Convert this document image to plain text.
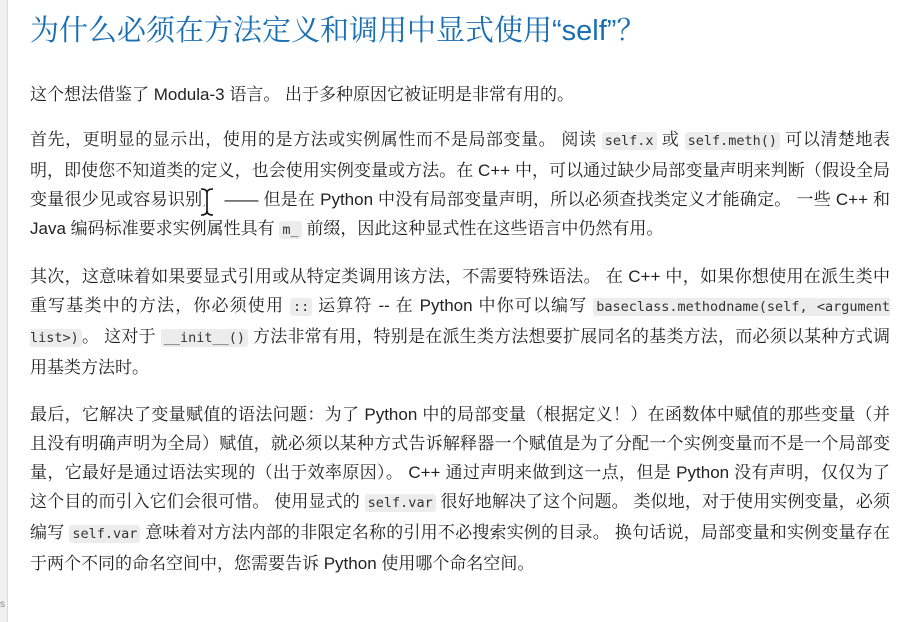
为什么必须在方法定义和调用中显式使用“self”？

这个想法借鉴了 Modula-3 语言。 出于多种原因它被证明是非常有用的。

首先，更明显的显示出，使用的是方法或实例属性而不是局部变量。 阅读 self.x 或 self.meth() 可以清楚地表明，即使您不知道类的定义，也会使用实例变量或方法。在 C++ 中，可以通过缺少局部变量声明来判断（假设全局变量很少见或容易识别） —— 但是在 Python 中没有局部变量声明，所以必须查找类定义才能确定。 一些 C++ 和 Java 编码标准要求实例属性具有 m_ 前缀，因此这种显式性在这些语言中仍然有用。

其次，这意味着如果要显式引用或从特定类调用该方法，不需要特殊语法。 在 C++ 中，如果你想使用在派生类中重写基类中的方法，你必须使用 :: 运算符 -- 在 Python 中你可以编写 baseclass.methodname(self, <argument list>) 。 这对于 __init__() 方法非常有用，特别是在派生类方法想要扩展同名的基类方法，而必须以某种方式调用基类方法时。

最后，它解决了变量赋值的语法问题：为了 Python 中的局部变量（根据定义！）在函数体中赋值的那些变量（并且没有明确声明为全局）赋值，就必须以某种方式告诉解释器一个赋值是为了分配一个实例变量而不是一个局部变量，它最好是通过语法实现的（出于效率原因）。 C++ 通过声明来做到这一点，但是 Python 没有声明，仅仅为了这个目的而引入它们会很可惜。 使用显式的 self.var 很好地解决了这个问题。 类似地，对于使用实例变量，必须编写 self.var 意味着对方法内部的非限定名称的引用不必搜索实例的目录。 换句话说，局部变量和实例变量存在于两个不同的命名空间中，您需要告诉 Python 使用哪个命名空间。

s
